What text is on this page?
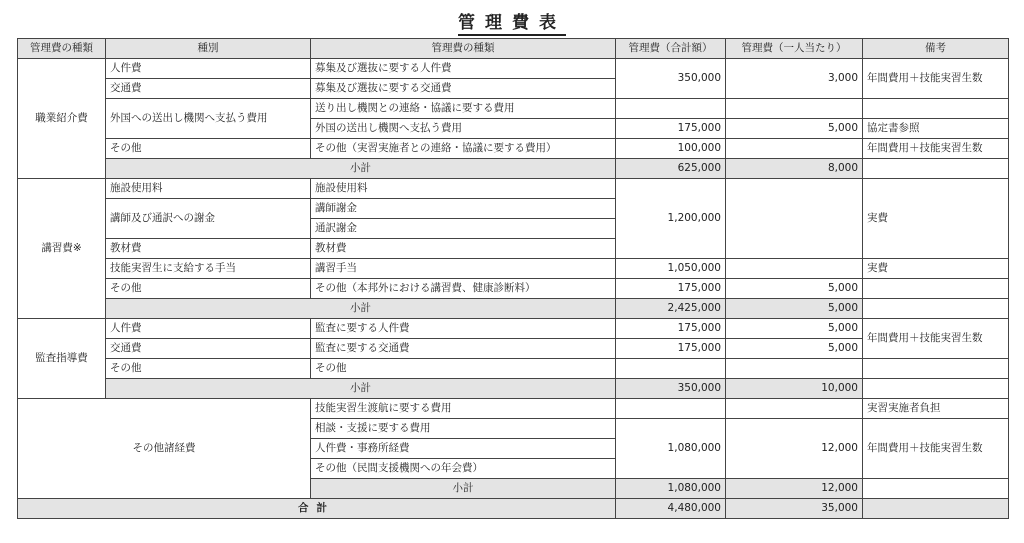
管理費表
管理費の種類	種別	管理費の種類	管理費（合計額）	管理費（一人当たり）	備考
職業紹介費	人件費	募集及び選抜に要する人件費	350,000	3,000	年間費用＋技能実習生数
	交通費	募集及び選抜に要する交通費			
	外国への送出し機関へ支払う費用	送り出し機関との連絡・協議に要する費用			
		外国の送出し機関へ支払う費用	175,000	5,000	協定書参照
	その他	その他（実習実施者との連絡・協議に要する費用）	100,000		年間費用＋技能実習生数
	小計		625,000	8,000	
講習費※	施設使用料	施設使用料	1,200,000		実費
	講師及び通訳への謝金	講師謝金			
		通訳謝金			
	教材費	教材費			
	技能実習生に支給する手当	講習手当	1,050,000		実費
	その他	その他（本邦外における講習費、健康診断料）	175,000	5,000	
	小計		2,425,000	5,000	
監査指導費	人件費	監査に要する人件費	175,000	5,000	年間費用＋技能実習生数
	交通費	監査に要する交通費	175,000	5,000	
	その他	その他			
	小計		350,000	10,000	
その他諸経費		技能実習生渡航に要する費用			実習実施者負担
		相談・支援に要する費用	1,080,000	12,000	年間費用＋技能実習生数
		人件費・事務所経費			
		その他（民間支援機関への年会費）			
		小計	1,080,000	12,000	
合計			4,480,000	35,000	
